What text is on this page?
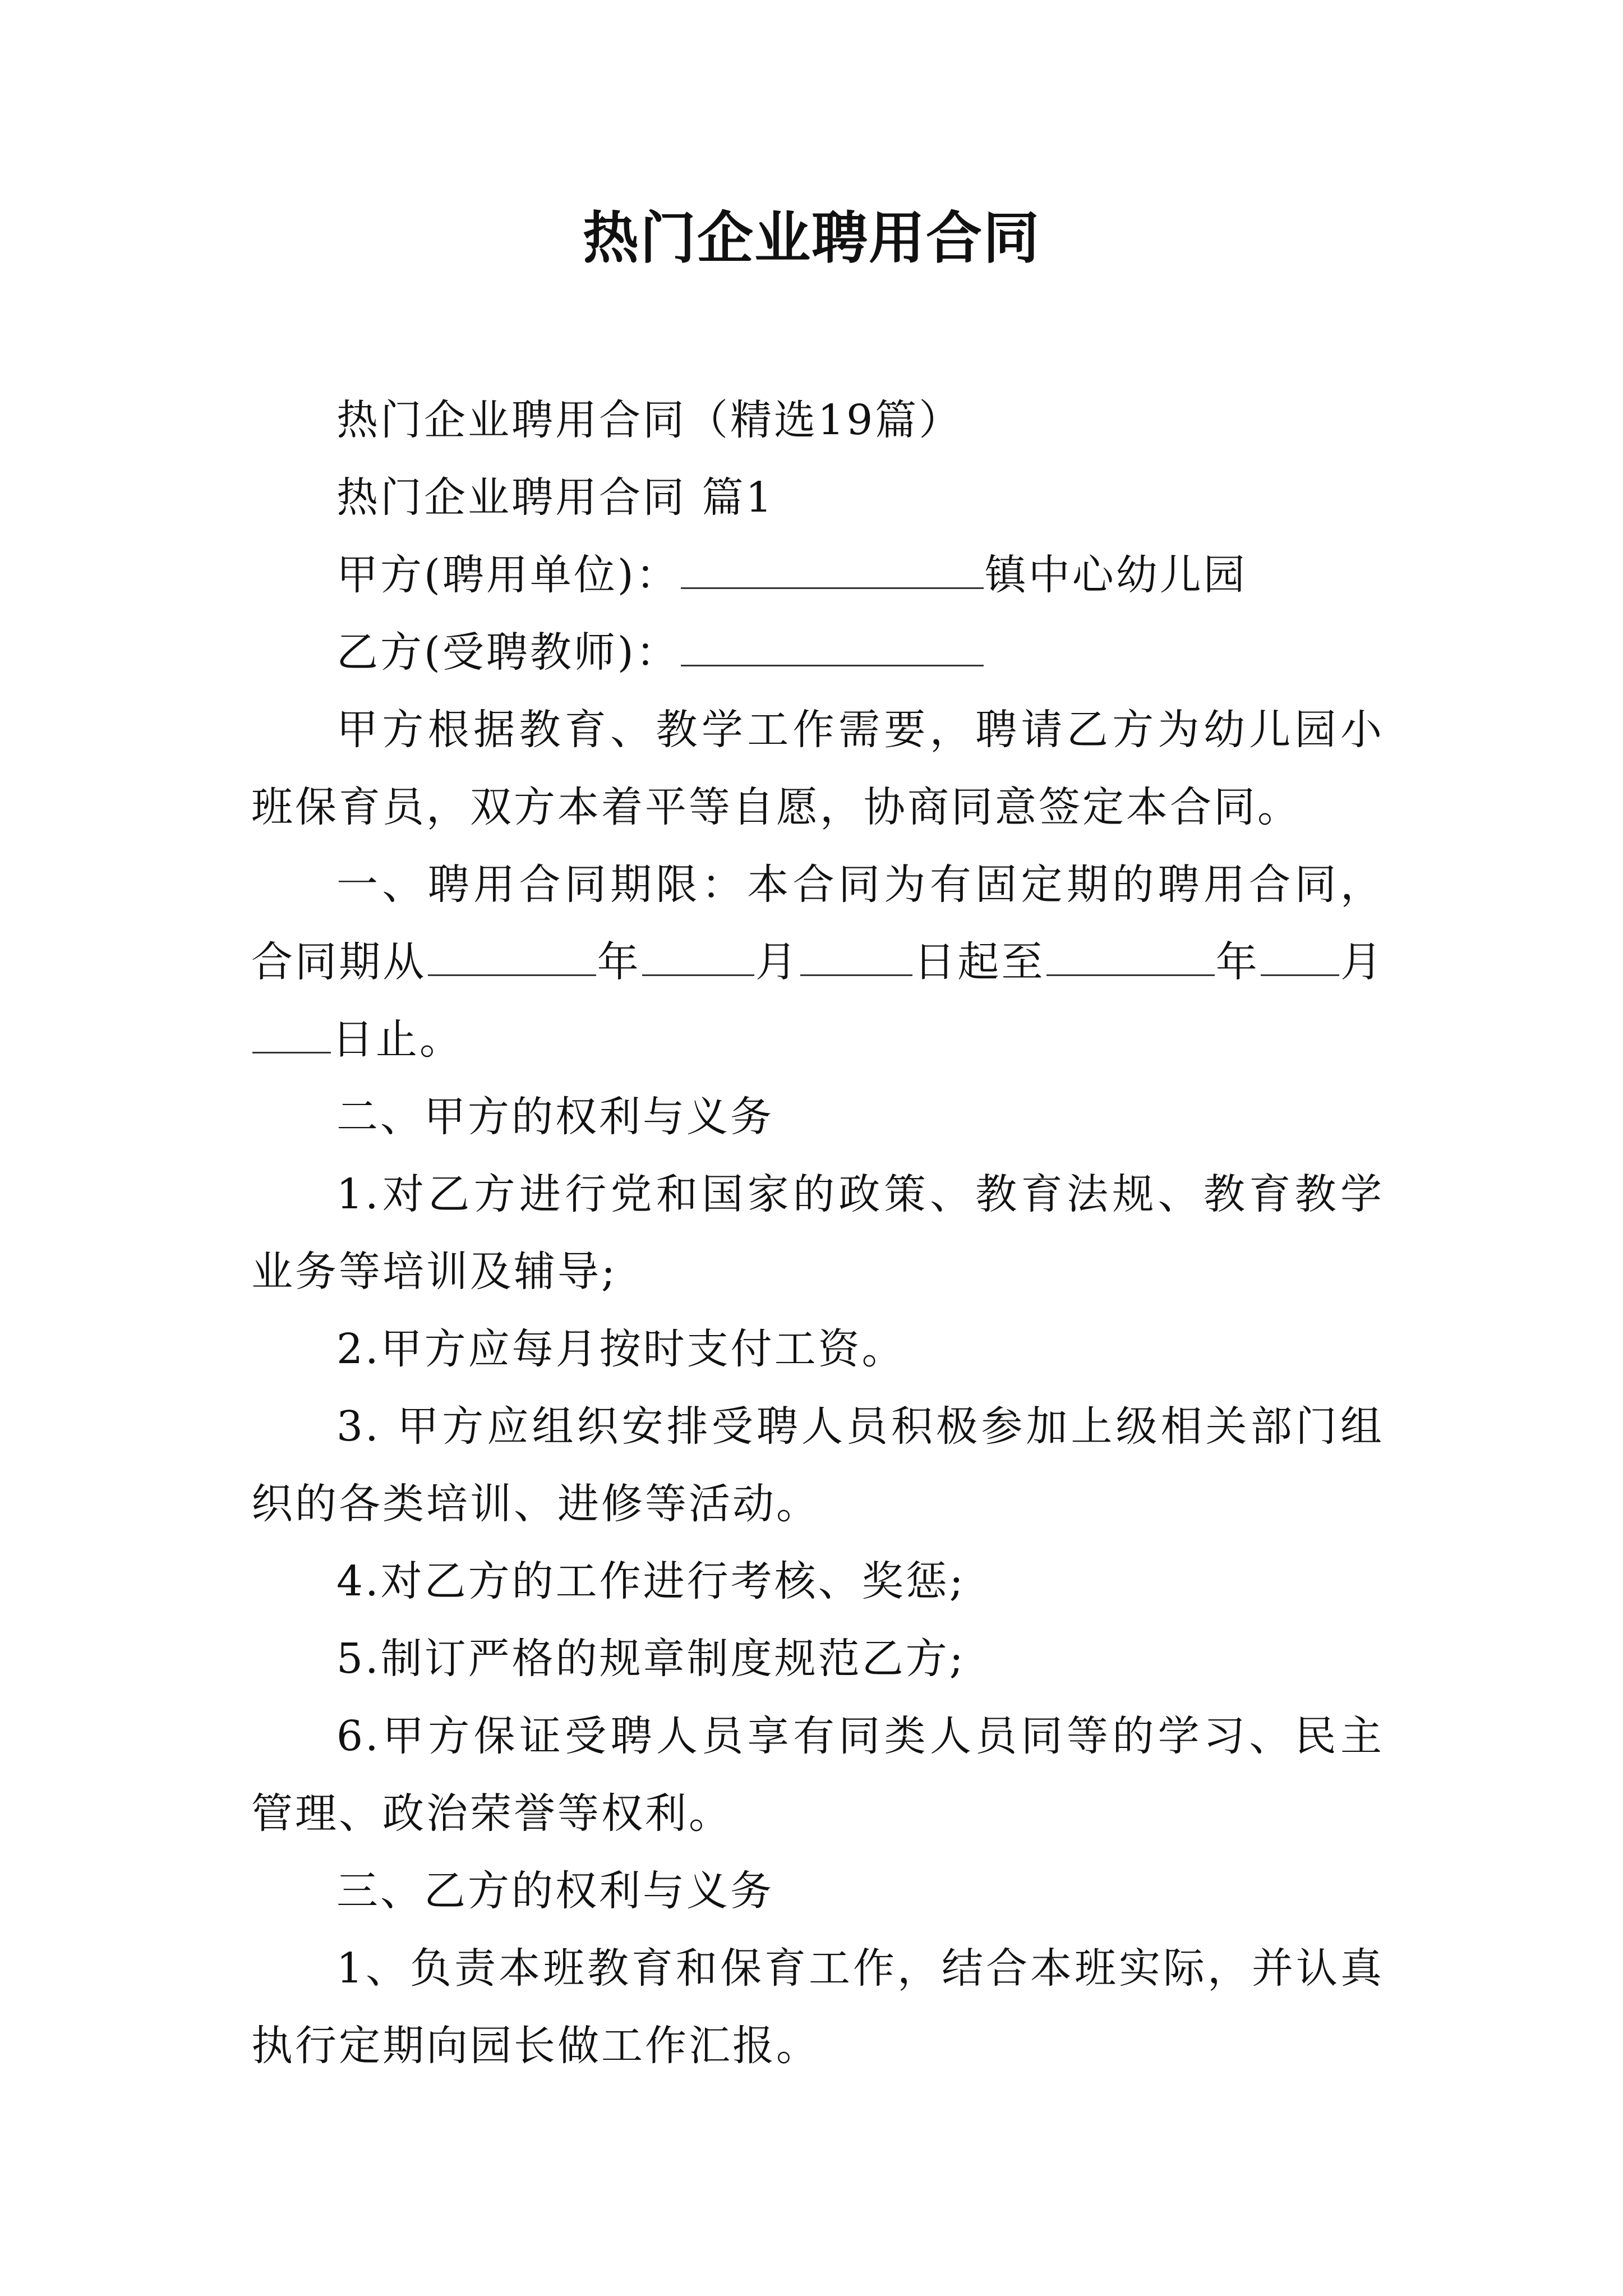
热门企业聘用合同

热门企业聘用合同（精选19篇）

热门企业聘用合同 篇1

甲方(聘用单位)：	镇中心幼儿园

乙方(受聘教师)：

甲方根据教育、教学工作需要，聘请乙方为幼儿园小班保育员，双方本着平等自愿，协商同意签定本合同。

一、聘用合同期限：本合同为有固定期的聘用合同，合同期从	年	月	日起至	年 月日止。

二、甲方的权利与义务

1.对乙方进行党和国家的政策、教育法规、教育教学业务等培训及辅导;

2.甲方应每月按时支付工资。

3. 甲方应组织安排受聘人员积极参加上级相关部门组织的各类培训、进修等活动。

4.对乙方的工作进行考核、奖惩;

5.制订严格的规章制度规范乙方;

6.甲方保证受聘人员享有同类人员同等的学习、民主管理、政治荣誉等权利。

三、乙方的权利与义务

1、负责本班教育和保育工作，结合本班实际，并认真执行定期向园长做工作汇报。
